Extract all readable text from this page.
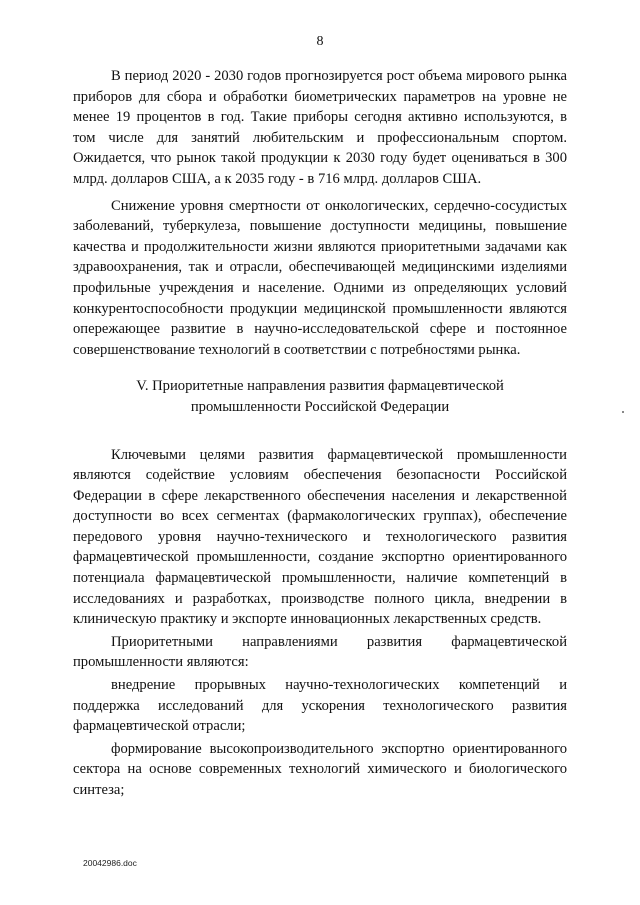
8

В период 2020 - 2030 годов прогнозируется рост объема мирового рынка приборов для сбора и обработки биометрических параметров на уровне не менее 19 процентов в год. Такие приборы сегодня активно используются, в том числе для занятий любительским и профессиональным спортом. Ожидается, что рынок такой продукции к 2030 году будет оцениваться в 300 млрд. долларов США, а к 2035 году - в 716 млрд. долларов США.

Снижение уровня смертности от онкологических, сердечно-сосудистых заболеваний, туберкулеза, повышение доступности медицины, повышение качества и продолжительности жизни являются приоритетными задачами как здравоохранения, так и отрасли, обеспечивающей медицинскими изделиями профильные учреждения и население. Одними из определяющих условий конкурентоспособности продукции медицинской промышленности являются опережающее развитие в научно-исследовательской сфере и постоянное совершенствование технологий в соответствии с потребностями рынка.

V. Приоритетные направления развития фармацевтической
промышленности Российской Федерации

Ключевыми целями развития фармацевтической промышленности являются содействие условиям обеспечения безопасности Российской Федерации в сфере лекарственного обеспечения населения и лекарственной доступности во всех сегментах (фармакологических группах), обеспечение передового уровня научно-технического и технологического развития фармацевтической промышленности, создание экспортно ориентированного потенциала фармацевтической промышленности, наличие компетенций в исследованиях и разработках, производстве полного цикла, внедрении в клиническую практику и экспорте инновационных лекарственных средств.

Приоритетными направлениями развития фармацевтической промышленности являются:

внедрение прорывных научно-технологических компетенций и поддержка исследований для ускорения технологического развития фармацевтической отрасли;

формирование высокопроизводительного экспортно ориентированного сектора на основе современных технологий химического и биологического синтеза;

20042986.doc
